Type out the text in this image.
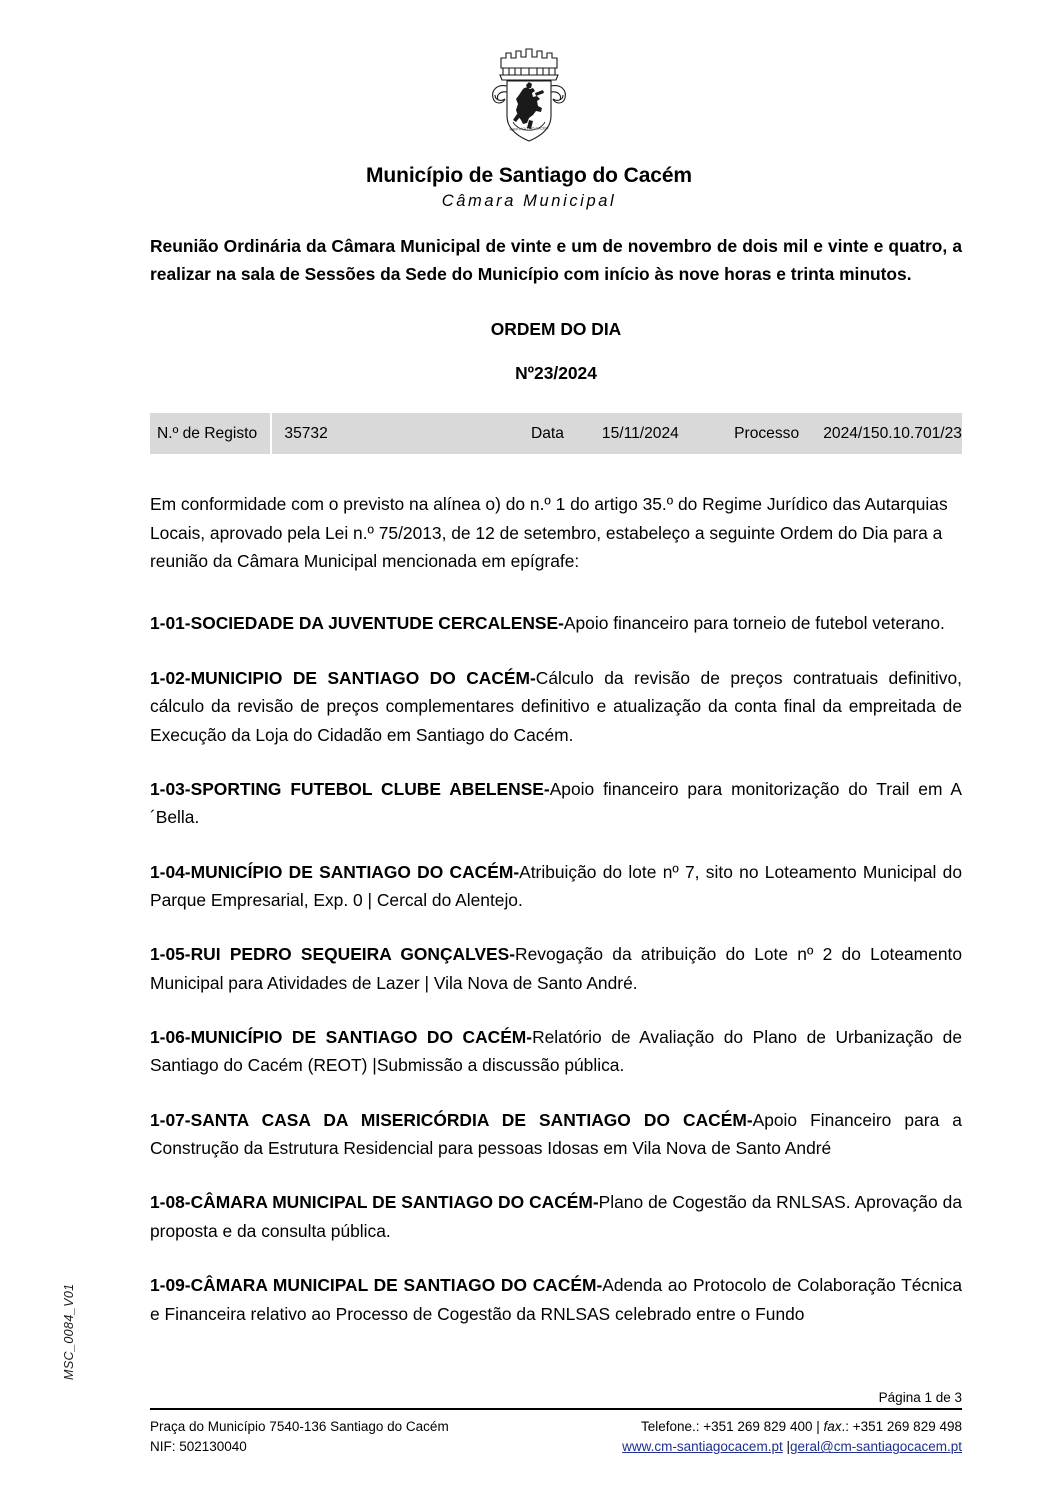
MSC_0084_V01
SANTIAGO DO CACÉM
Município de Santiago do Cacém
Câmara Municipal
Reunião Ordinária da Câmara Municipal de vinte e um de novembro de dois mil e vinte e quatro, a realizar na sala de Sessões da Sede do Município com início às nove horas e trinta minutos.
ORDEM DO DIA
Nº23/2024
N.º de Registo	35732	Data	15/11/2024	Processo	2024/150.10.701/23
Em conformidade com o previsto na alínea o) do n.º 1 do artigo 35.º do Regime Jurídico das Autarquias Locais, aprovado pela Lei n.º 75/2013, de 12 de setembro, estabeleço a seguinte Ordem do Dia para a reunião da Câmara Municipal mencionada em epígrafe:

1-01-SOCIEDADE DA JUVENTUDE CERCALENSE-Apoio financeiro para torneio de futebol veterano.

1-02-MUNICIPIO DE SANTIAGO DO CACÉM-Cálculo da revisão de preços contratuais definitivo, cálculo da revisão de preços complementares definitivo e atualização da conta final da empreitada de Execução da Loja do Cidadão em Santiago do Cacém.

1-03-SPORTING FUTEBOL CLUBE ABELENSE-Apoio financeiro para monitorização do Trail em A´Bella.

1-04-MUNICÍPIO DE SANTIAGO DO CACÉM-Atribuição do lote nº 7, sito no Loteamento Municipal do Parque Empresarial, Exp. 0 | Cercal do Alentejo.

1-05-RUI PEDRO SEQUEIRA GONÇALVES-Revogação da atribuição do Lote nº 2 do Loteamento Municipal para Atividades de Lazer | Vila Nova de Santo André.

1-06-MUNICÍPIO DE SANTIAGO DO CACÉM-Relatório de Avaliação do Plano de Urbanização de Santiago do Cacém (REOT) |Submissão a discussão pública.

1-07-SANTA CASA DA MISERICÓRDIA DE SANTIAGO DO CACÉM-Apoio Financeiro para a Construção da Estrutura Residencial para pessoas Idosas em Vila Nova de Santo André

1-08-CÂMARA MUNICIPAL DE SANTIAGO DO CACÉM-Plano de Cogestão da RNLSAS. Aprovação da proposta e da consulta pública.

1-09-CÂMARA MUNICIPAL DE SANTIAGO DO CACÉM-Adenda ao Protocolo de Colaboração Técnica e Financeira relativo ao Processo de Cogestão da RNLSAS celebrado entre o Fundo

Página 1 de 3
Praça do Município 7540-136 Santiago do Cacém
NIF: 502130040
Telefone.: +351 269 829 400 | fax.: +351 269 829 498
www.cm-santiagocacem.pt |geral@cm-santiagocacem.pt
